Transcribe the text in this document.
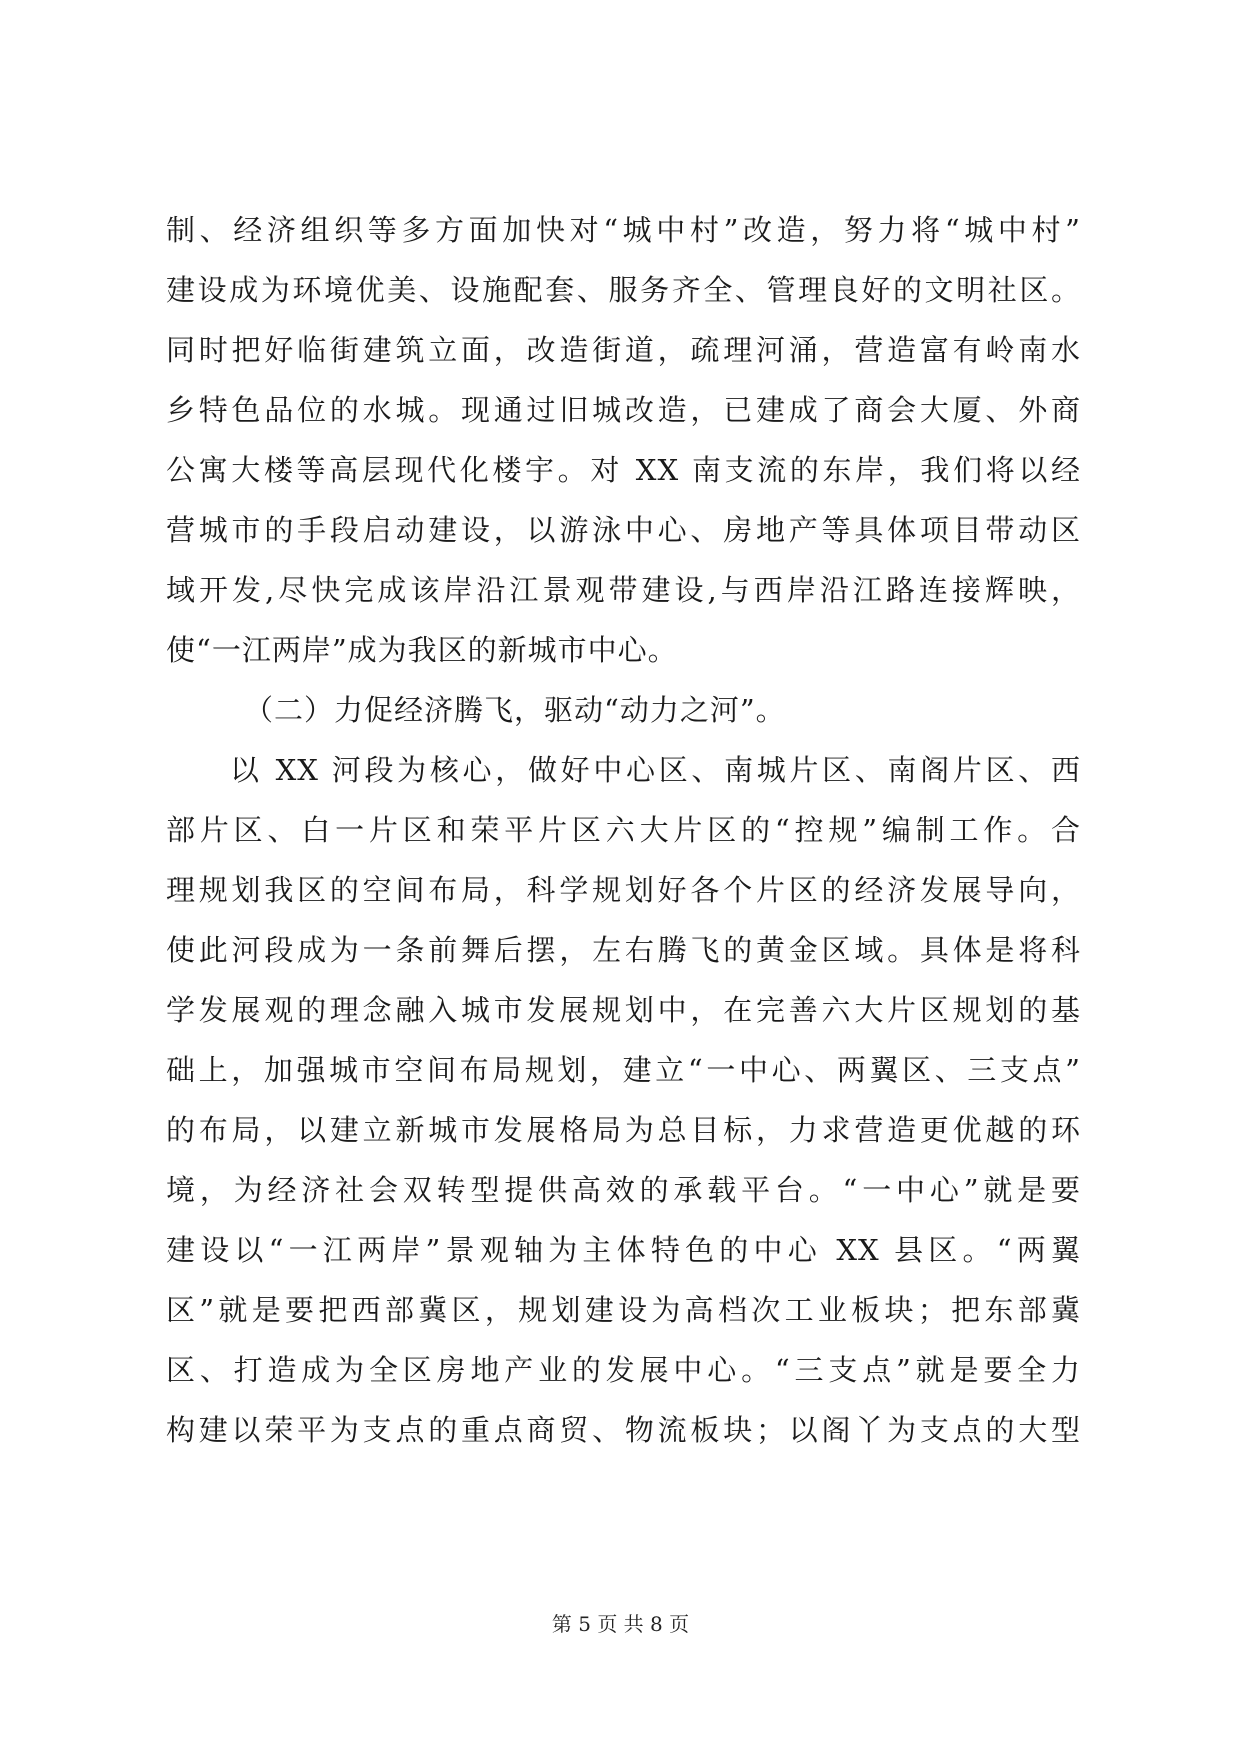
制、经济组织等多方面加快对“城中村”改造，努力将“城中村”
建设成为环境优美、设施配套、服务齐全、管理良好的文明社区。
同时把好临街建筑立面，改造街道，疏理河涌，营造富有岭南水
乡特色品位的水城。现通过旧城改造，已建成了商会大厦、外商
公寓大楼等高层现代化楼宇。对 XX 南支流的东岸，我们将以经
营城市的手段启动建设，以游泳中心、房地产等具体项目带动区
域开发,尽快完成该岸沿江景观带建设,与西岸沿江路连接辉映，
使“一江两岸”成为我区的新城市中心。
（二）力促经济腾飞，驱动“动力之河”。
以 XX 河段为核心，做好中心区、南城片区、南阁片区、西
部片区、白一片区和荣平片区六大片区的“控规”编制工作。合
理规划我区的空间布局，科学规划好各个片区的经济发展导向，
使此河段成为一条前舞后摆，左右腾飞的黄金区域。具体是将科
学发展观的理念融入城市发展规划中，在完善六大片区规划的基
础上，加强城市空间布局规划，建立“一中心、两翼区、三支点”
的布局，以建立新城市发展格局为总目标，力求营造更优越的环
境，为经济社会双转型提供高效的承载平台。“一中心”就是要
建设以“一江两岸”景观轴为主体特色的中心 XX 县区。“两翼
区”就是要把西部冀区，规划建设为高档次工业板块；把东部冀
区、打造成为全区房地产业的发展中心。“三支点”就是要全力
构建以荣平为支点的重点商贸、物流板块；以阁丫为支点的大型
第 5 页 共 8 页
